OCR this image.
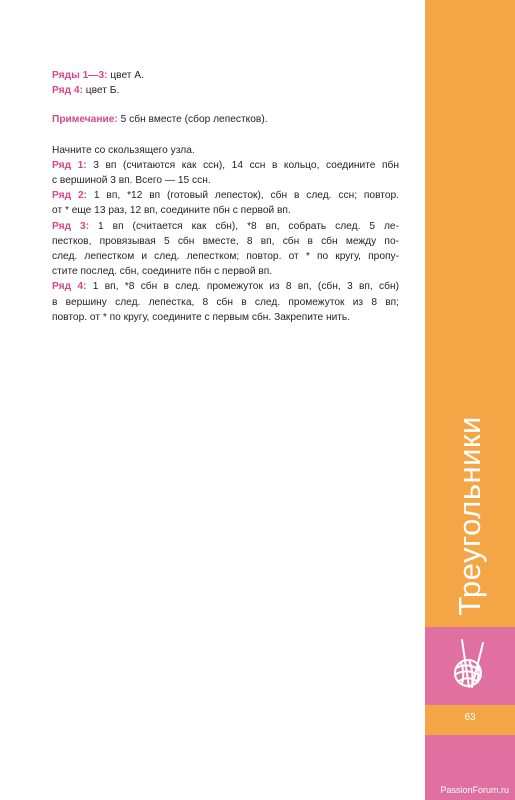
Ряды 1—3: цвет А.

Ряд 4: цвет Б.

Примечание: 5 сбн вместе (сбор лепестков).

Начните со скользящего узла.

Ряд 1: 3 вп (считаются как ссн), 14 ссн в кольцо, соедините пбн

с вершиной 3 вп. Всего — 15 ссн.

Ряд 2: 1 вп, *12 вп (готовый лепесток), сбн в след. ссн; повтор.

от * еще 13 раз, 12 вп, соедините пбн с первой вп.

Ряд 3: 1 вп (считается как сбн), *8 вп, собрать след. 5 ле-

пестков, провязывая 5 сбн вместе, 8 вп, сбн в сбн между по-

след. лепестком и след. лепестком; повтор. от * по кругу, пропу-

стите послед. сбн, соедините пбн с первой вп.

Ряд 4: 1 вп, *8 сбн в след. промежуток из 8 вп, (сбн, 3 вп, сбн)

в вершину след. лепестка, 8 сбн в след. промежуток из 8 вп;

повтор. от * по кругу, соедините с первым сбн. Закрепите нить.

Треугольники
63
PassionForum.ru
